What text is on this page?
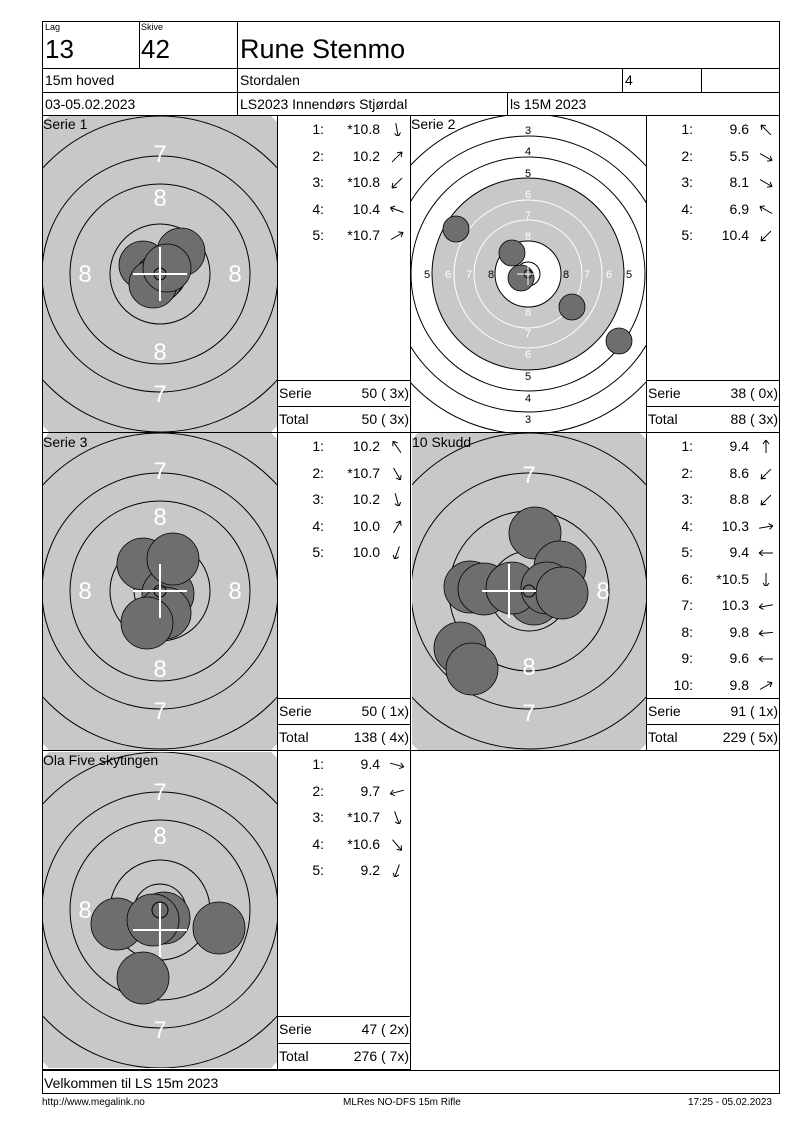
Lag
13
Skive
42	Rune Stenmo
15m hoved	Stordalen	4
03-05.02.2023	LS2023 Innendørs Stjørdal	ls 15M 2023
7
8
8
7
8	8
3
4
5
3
4
5
5	5
6
7
8
6
7
8
6 7	6
7
8	8
7
8
8
7
8	8
7
8
7
8
7
8
7
8
Serie 1	Serie 2
Serie 3	10 Skudd
Ola Five skytingen
1:	*10.8
2:	10.2
3:	*10.8
4:	10.4
5:	*10.7
1:	9.6
2:	5.5
3:	8.1
4:	6.9
5:	10.4
1:	10.2
2:	*10.7
3:	10.2
4:	10.0
5:	10.0
1:	9.4
2:	8.6
3:	8.8
4:	10.3
5:	9.4
6:	*10.5
7:	10.3
8:	9.8
9:	9.6
10:	9.8
1:	9.4
2:	9.7
3:	*10.7
4:	*10.6
5:	9.2
Serie	50 ( 3x)
Total	50 ( 3x)
Serie	38 ( 0x)
Total	88 ( 3x)
Serie	50 ( 1x)
Total	138 ( 4x)
Serie	91 ( 1x)
Total	229 ( 5x)
Serie	47 ( 2x)
Total	276 ( 7x)
Velkommen til LS 15m 2023
http://www.megalink.no	MLRes NO-DFS 15m Rifle	17:25 - 05.02.2023
